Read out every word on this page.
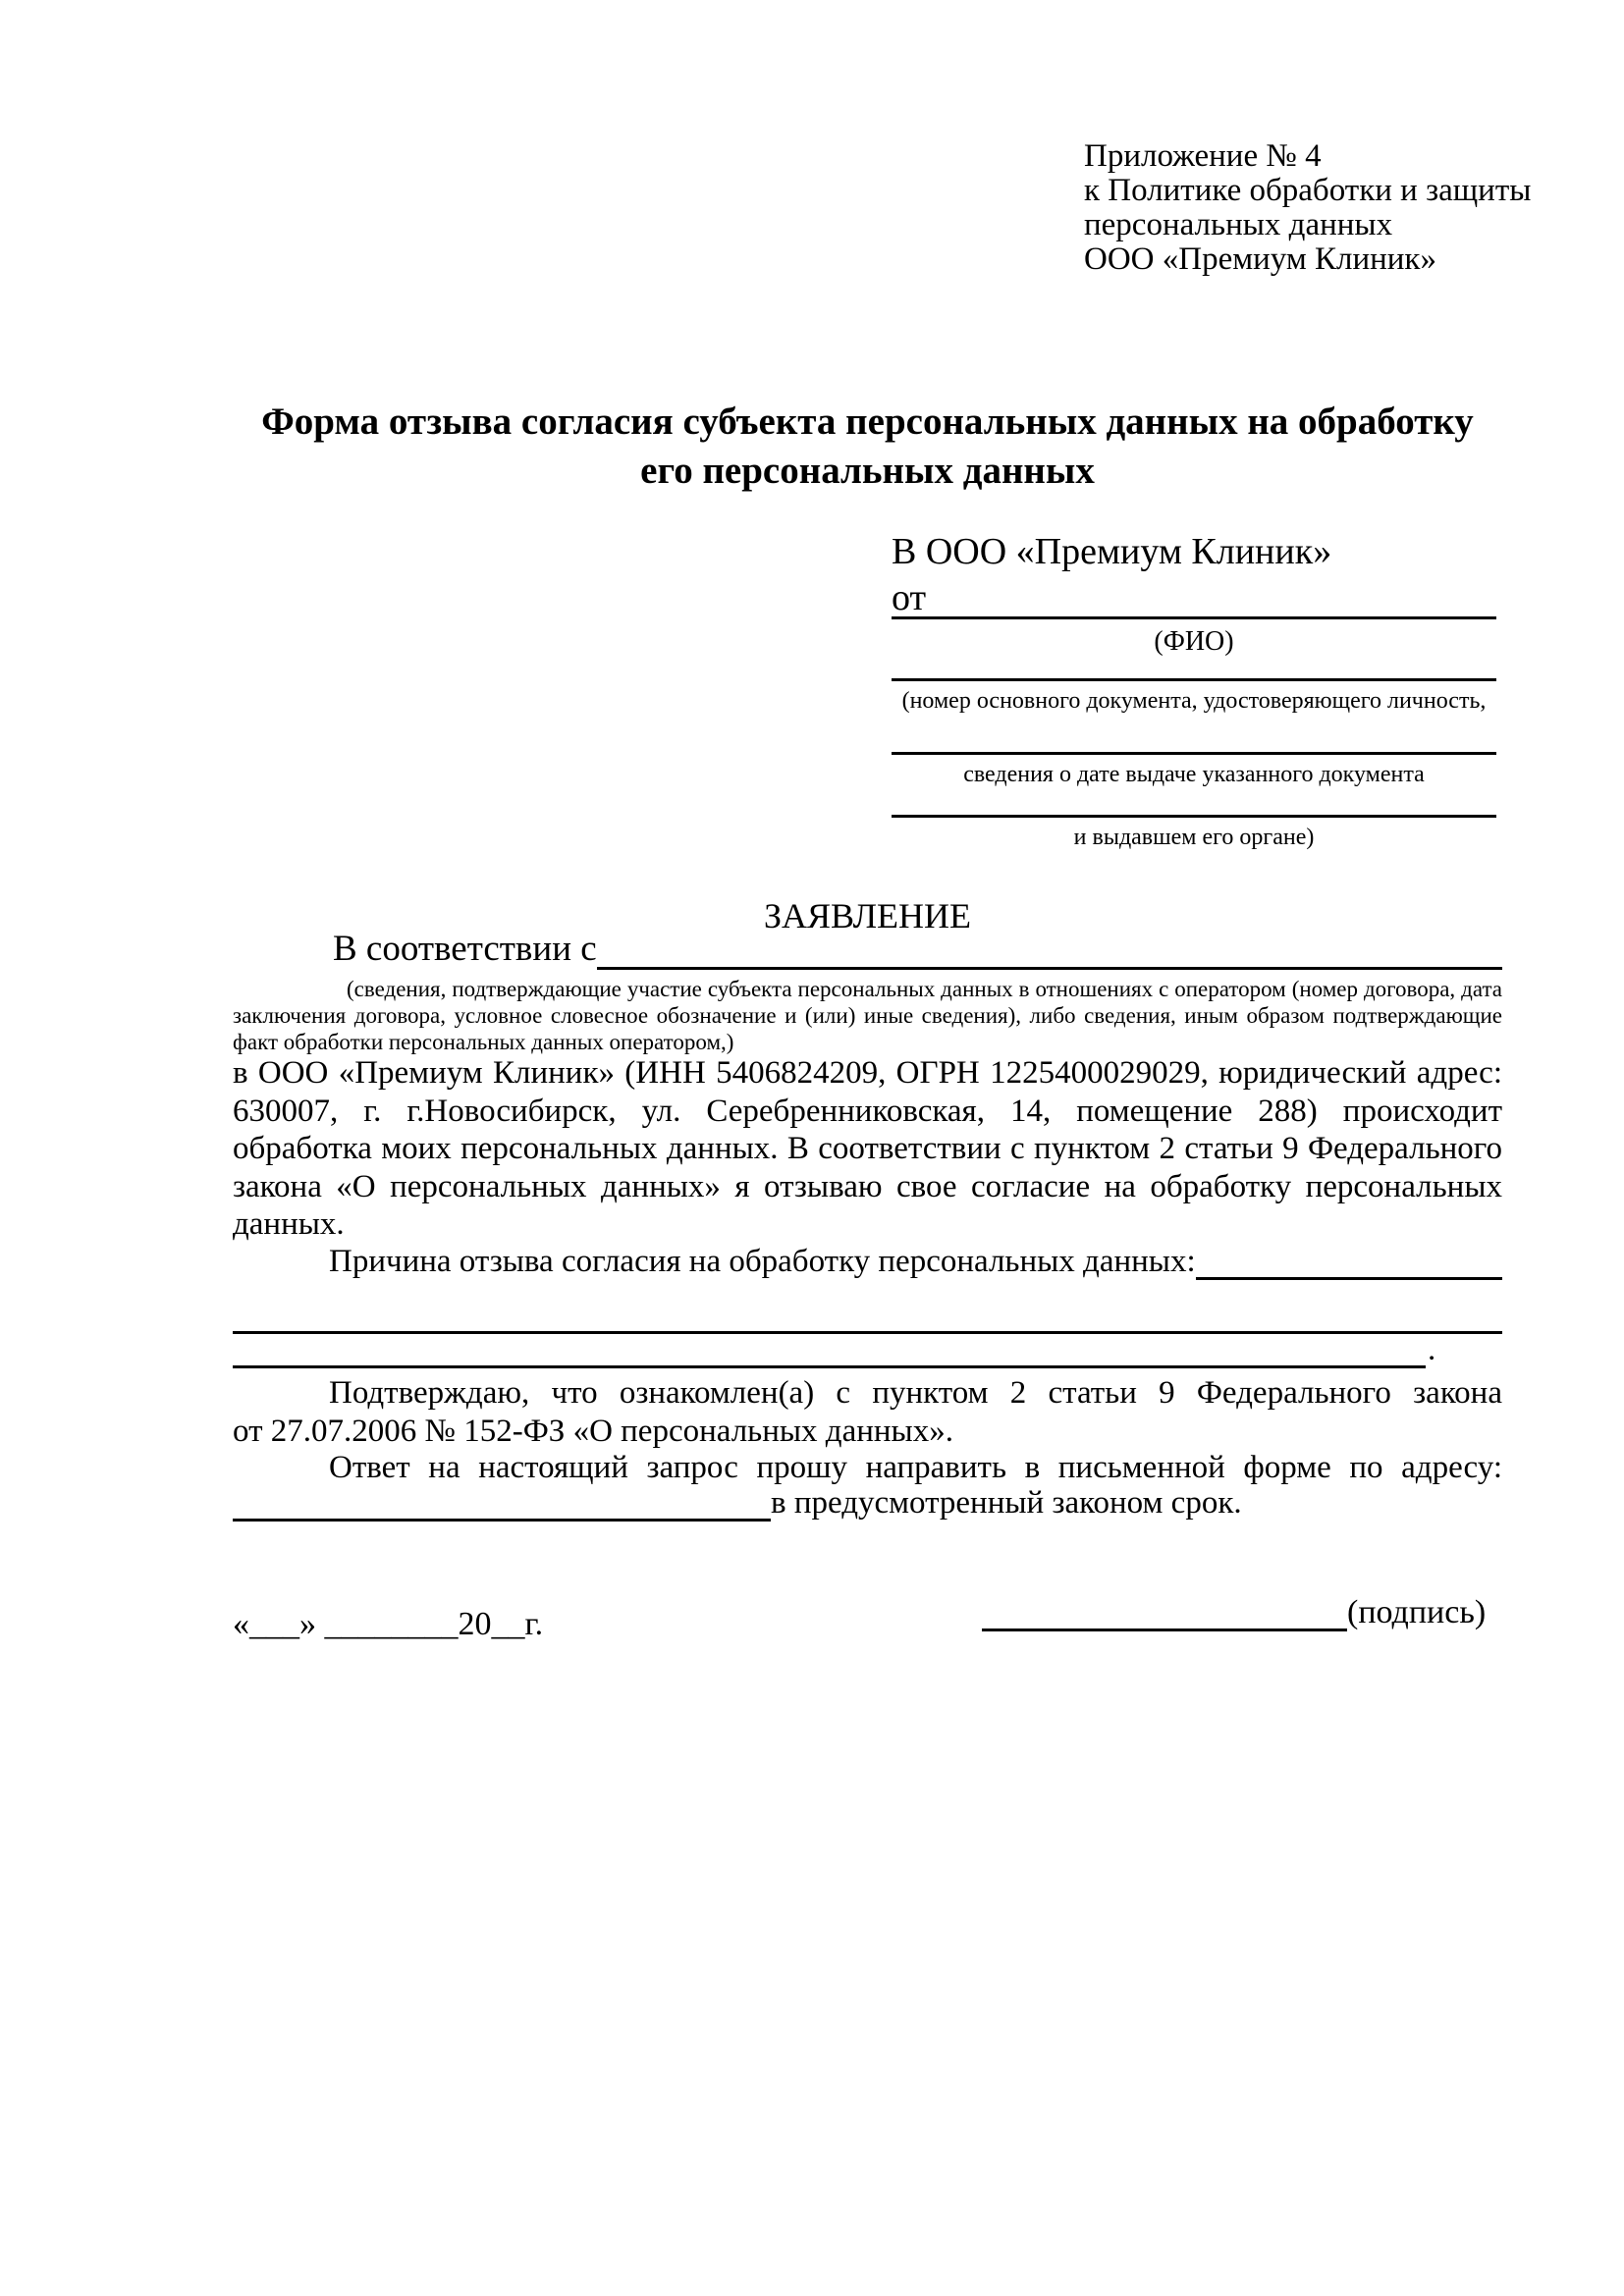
Приложение № 4
к Политике обработки и защиты
персональных данных
ООО «Премиум Клиник»
Форма отзыва согласия субъекта персональных данных на обработку его персональных данных
В ООО «Премиум Клиник»
от
(ФИО)
(номер основного документа, удостоверяющего личность,
сведения о дате выдаче указанного документа
и выдавшем его органе)
ЗАЯВЛЕНИЕ
В соответствии с
(сведения, подтверждающие участие субъекта персональных данных в отношениях с оператором (номер договора, дата заключения договора, условное словесное обозначение и (или) иные сведения), либо сведения, иным образом подтверждающие факт обработки персональных данных оператором,)
в ООО «Премиум Клиник» (ИНН 5406824209, ОГРН 1225400029029, юридический адрес: 630007, г. г.Новосибирск, ул. Серебренниковская, 14, помещение 288) происходит обработка моих персональных данных. В соответствии с пунктом 2 статьи 9 Федерального закона «О персональных данных» я отзываю свое согласие на обработку персональных данных.
Причина отзыва согласия на обработку персональных данных:
.
Подтверждаю, что ознакомлен(а) с пунктом 2 статьи 9 Федерального закона
от 27.07.2006 № 152-ФЗ «О персональных данных».
Ответ на настоящий запрос прошу направить в письменной форме по адресу:
в предусмотренный законом срок.
«___» ________20__г.	(подпись)
